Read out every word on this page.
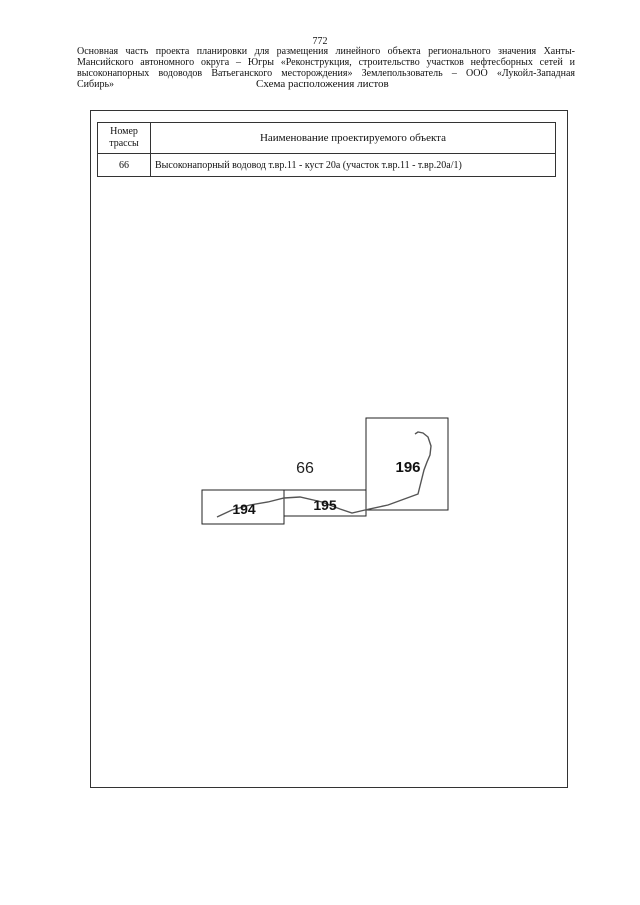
772
Основная часть проекта планировки для размещения линейного объекта регионального значения Ханты-
Мансийского автономного округа – Югры «Реконструкция, строительство участков нефтесборных сетей и
высоконапорных водоводов Ватьеганского месторождения» Землепользователь – ООО «Лукойл-Западная
Сибирь»	Схема расположения листов
Номер трассы	Наименование проектируемого объекта
66	Высоконапорный водовод т.вр.11 - куст 20а (участок т.вр.11 - т.вр.20а/1)
66
194	195
196
